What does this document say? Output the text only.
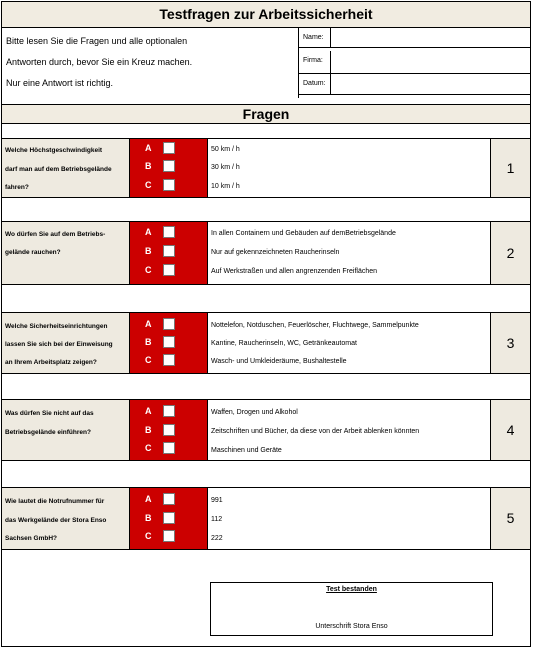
Testfragen zur Arbeitssicherheit
Bitte lesen Sie die Fragen und alle optionalen
Antworten durch, bevor Sie ein Kreuz machen.
Nur eine Antwort ist richtig.
Name:
Firma:
Datum:
Fragen
Welche Höchstgeschwindigkeit
darf man auf dem Betriebsgelände
fahren?
A
B
C
50 km / h
30 km / h
10 km / h
1
Wo dürfen Sie auf dem Betriebs-
gelände rauchen?
A
B
C
In allen Containern und Gebäuden auf demBetriebsgelände
Nur auf gekennzeichneten Raucherinseln
Auf Werkstraßen und allen angrenzenden Freiflächen
2
Welche Sicherheitseinrichtungen
lassen Sie sich bei der Einweisung
an Ihrem Arbeitsplatz zeigen?
A
B
C
Nottelefon, Notduschen, Feuerlöscher, Fluchtwege, Sammelpunkte
Kantine, Raucherinseln, WC, Getränkeautomat
Wasch- und Umkleideräume, Bushaltestelle
3
Was dürfen Sie nicht auf das
Betriebsgelände einführen?
A
B
C
Waffen, Drogen und Alkohol
Zeitschriften und Bücher, da diese von der Arbeit ablenken könnten
Maschinen und Geräte
4
Wie lautet die Notrufnummer für
das Werkgelände der Stora Enso
Sachsen GmbH?
A
B
C
991
112
222
5
Test bestanden
Unterschrift Stora Enso
